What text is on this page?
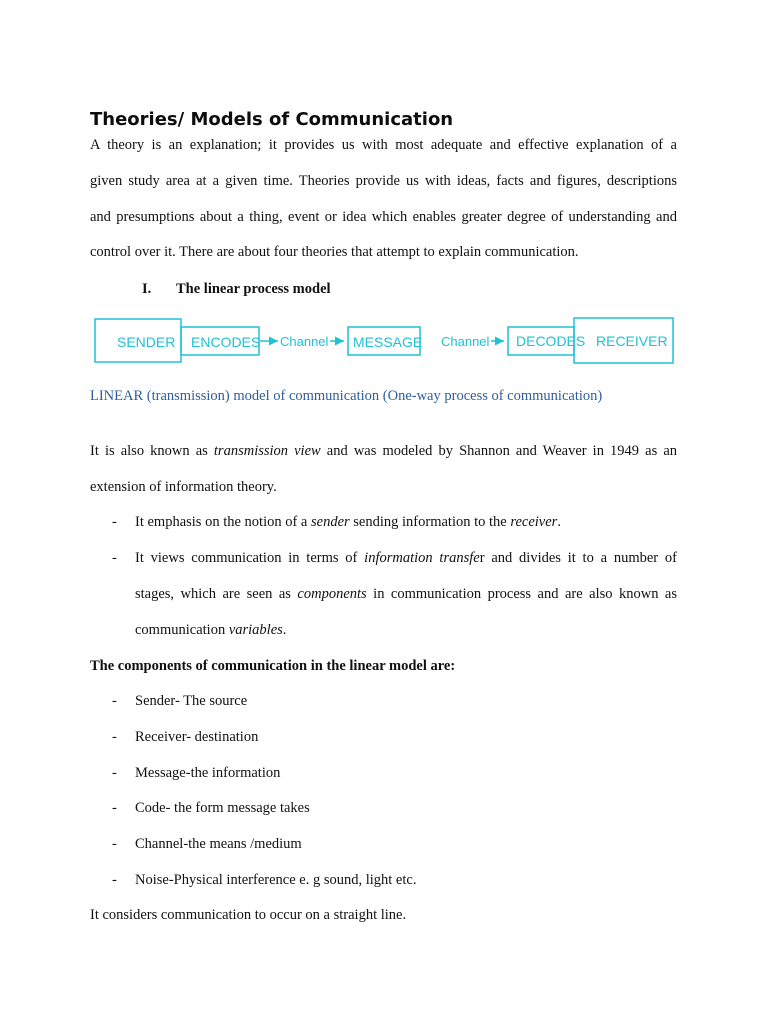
Theories/ Models of Communication
A theory is an explanation; it provides us with most adequate and effective explanation of a
given study area at a given time. Theories provide us with ideas, facts and figures, descriptions
and presumptions about a thing, event or idea which enables greater degree of understanding and
control over it. There are about four theories that attempt to explain communication.
I. The linear process model
SENDER ENCODES Channel MESSAGE Channel DECODES RECEIVER
LINEAR (transmission) model of communication (One-way process of communication)
It is also known as transmission view and was modeled by Shannon and Weaver in 1949 as an
extension of information theory.
- It emphasis on the notion of a sender sending information to the receiver.
- It views communication in terms of information transfer and divides it to a number of
stages, which are seen as components in communication process and are also known as
communication variables.
The components of communication in the linear model are:
- Sender- The source
- Receiver- destination
- Message-the information
- Code- the form message takes
- Channel-the means /medium
- Noise-Physical interference e. g sound, light etc.
It considers communication to occur on a straight line.
